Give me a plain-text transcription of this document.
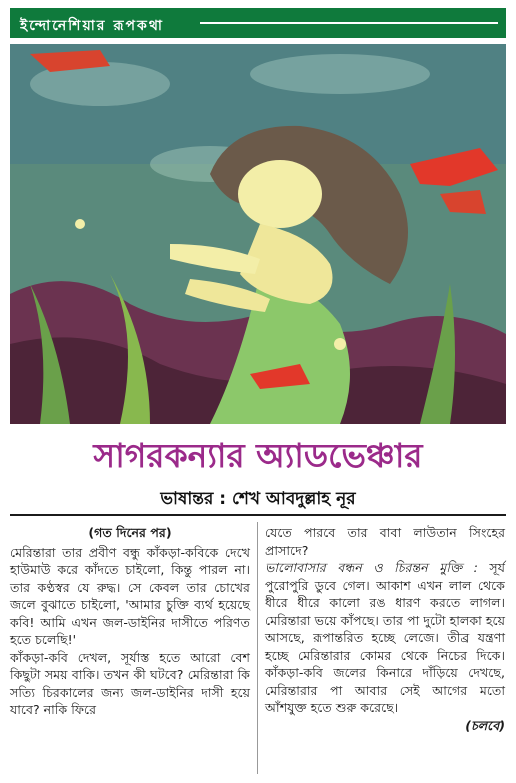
ইন্দোনেশিয়ার রূপকথা
সাগরকন্যার অ্যাডভেঞ্চার
ভাষান্তর : শেখ আবদুল্লাহ নূর

(গত দিনের পর)

মেরিন্তারা তার প্রবীণ বন্ধু কাঁকড়া-কবিকে দেখে হাউমাউ করে কাঁদতে চাইলো, কিন্তু পারল না। তার কণ্ঠস্বর যে রুদ্ধ। সে কেবল তার চোখের জলে বুঝাতে চাইলো, 'আমার চুক্তি ব্যর্থ হয়েছে কবি! আমি এখন জল-ডাইনির দাসীতে পরিণত হতে চলেছি!'

কাঁকড়া-কবি দেখল, সূর্যাস্ত হতে আরো বেশ কিছুটা সময় বাকি। তখন কী ঘটবে? মেরিন্তারা কি সত্যি চিরকালের জন্য জল-ডাইনির দাসী হয়ে যাবে? নাকি ফিরে

যেতে পারবে তার বাবা লাউতান সিংহের প্রাসাদে?

ভালোবাসার বন্ধন ও চিরন্তন মুক্তি : সূর্য পুরোপুরি ডুবে গেল। আকাশ এখন লাল থেকে ধীরে ধীরে কালো রঙ ধারণ করতে লাগল। মেরিন্তারা ভয়ে কাঁপছে। তার পা দুটো হালকা হয়ে আসছে, রূপান্তরিত হচ্ছে লেজে। তীব্র যন্ত্রণা হচ্ছে মেরিন্তারার কোমর থেকে নিচের দিকে। কাঁকড়া-কবি জলের কিনারে দাঁড়িয়ে দেখছে, মেরিন্তারার পা আবার সেই আগের মতো আঁশযুক্ত হতে শুরু করেছে।

(চলবে)
